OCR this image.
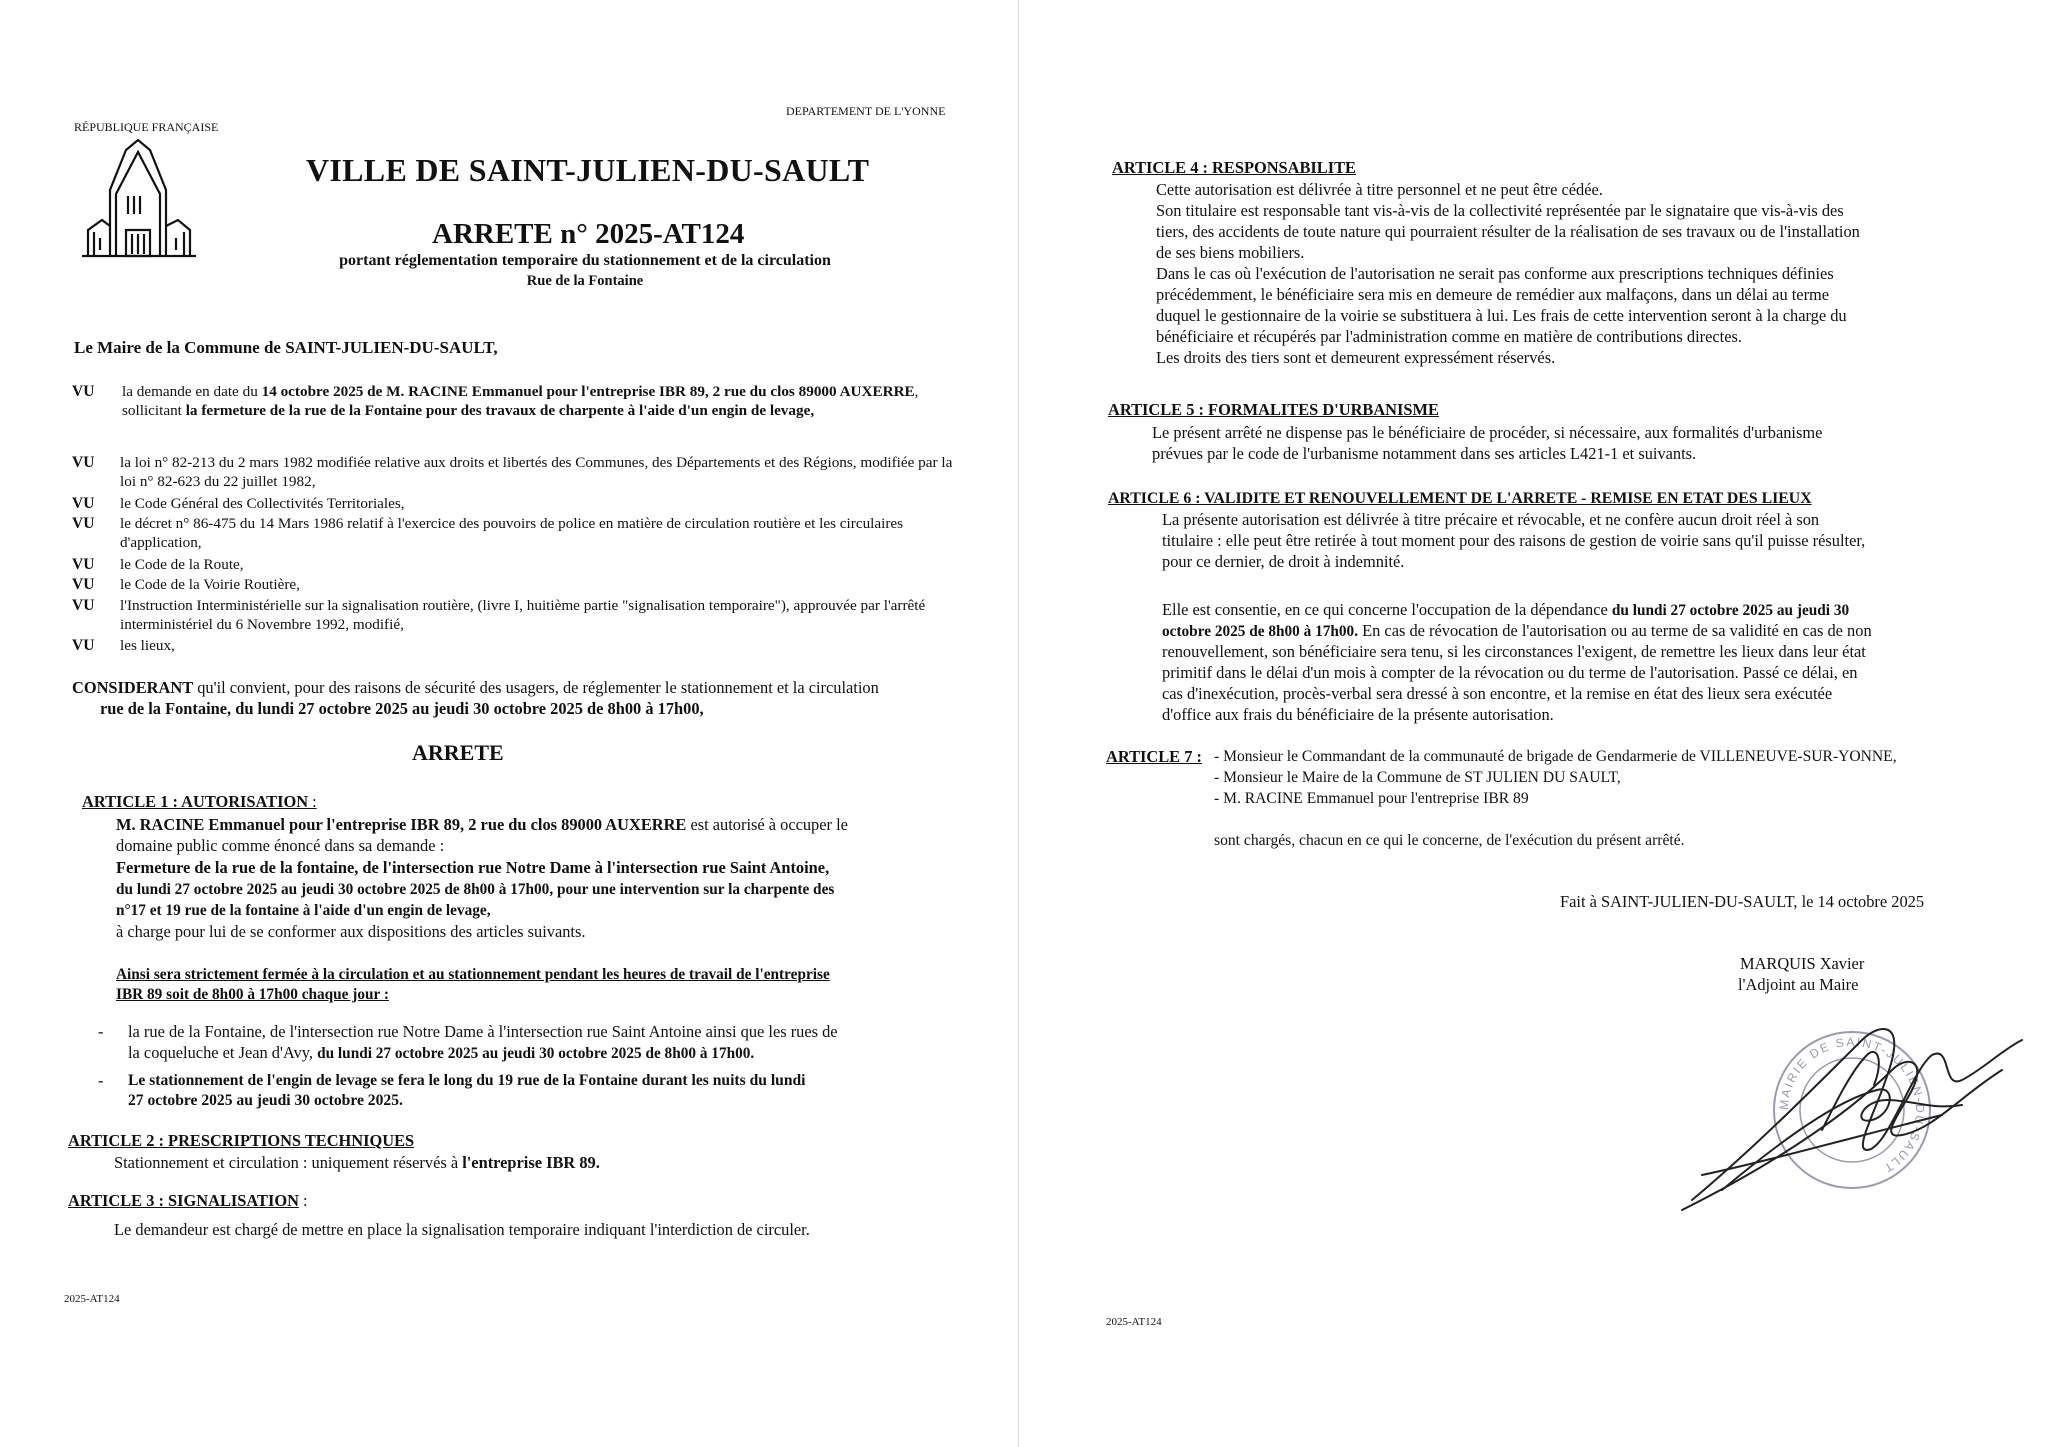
RÉPUBLIQUE FRANÇAISE
DEPARTEMENT DE L'YONNE
VILLE DE SAINT-JULIEN-DU-SAULT
ARRETE n° 2025-AT124
portant réglementation temporaire du stationnement et de la circulation
Rue de la Fontaine
Le Maire de la Commune de SAINT-JULIEN-DU-SAULT,
VU la demande en date du 14 octobre 2025 de M. RACINE Emmanuel pour l'entreprise IBR 89, 2 rue du clos 89000 AUXERRE, sollicitant la fermeture de la rue de la Fontaine pour des travaux de charpente à l'aide d'un engin de levage,
VU la loi n° 82-213 du 2 mars 1982 modifiée relative aux droits et libertés des Communes, des Départements et des Régions, modifiée par la loi n° 82-623 du 22 juillet 1982,
VU le Code Général des Collectivités Territoriales,
VU le décret n° 86-475 du 14 Mars 1986 relatif à l'exercice des pouvoirs de police en matière de circulation routière et les circulaires d'application,
VU le Code de la Route,
VU le Code de la Voirie Routière,
VU l'Instruction Interministérielle sur la signalisation routière, (livre I, huitième partie "signalisation temporaire"), approuvée par l'arrêté interministériel du 6 Novembre 1992, modifié,
VU les lieux,
CONSIDERANT qu'il convient, pour des raisons de sécurité des usagers, de réglementer le stationnement et la circulation
rue de la Fontaine, du lundi 27 octobre 2025 au jeudi 30 octobre 2025 de 8h00 à 17h00,
ARRETE
ARTICLE 1 : AUTORISATION :
M. RACINE Emmanuel pour l'entreprise IBR 89, 2 rue du clos 89000 AUXERRE est autorisé à occuper le
domaine public comme énoncé dans sa demande :
Fermeture de la rue de la fontaine, de l'intersection rue Notre Dame à l'intersection rue Saint Antoine,
du lundi 27 octobre 2025 au jeudi 30 octobre 2025 de 8h00 à 17h00, pour une intervention sur la charpente des
n°17 et 19 rue de la fontaine à l'aide d'un engin de levage,
à charge pour lui de se conformer aux dispositions des articles suivants.
Ainsi sera strictement fermée à la circulation et au stationnement pendant les heures de travail de l'entreprise
IBR 89 soit de 8h00 à 17h00 chaque jour :
- la rue de la Fontaine, de l'intersection rue Notre Dame à l'intersection rue Saint Antoine ainsi que les rues de
la coqueluche et Jean d'Avy, du lundi 27 octobre 2025 au jeudi 30 octobre 2025 de 8h00 à 17h00.
- Le stationnement de l'engin de levage se fera le long du 19 rue de la Fontaine durant les nuits du lundi
27 octobre 2025 au jeudi 30 octobre 2025.
ARTICLE 2 : PRESCRIPTIONS TECHNIQUES
Stationnement et circulation : uniquement réservés à l'entreprise IBR 89.
ARTICLE 3 : SIGNALISATION :
Le demandeur est chargé de mettre en place la signalisation temporaire indiquant l'interdiction de circuler.
2025-AT124
ARTICLE 4 : RESPONSABILITE
Cette autorisation est délivrée à titre personnel et ne peut être cédée.
Son titulaire est responsable tant vis-à-vis de la collectivité représentée par le signataire que vis-à-vis des
tiers, des accidents de toute nature qui pourraient résulter de la réalisation de ses travaux ou de l'installation
de ses biens mobiliers.
Dans le cas où l'exécution de l'autorisation ne serait pas conforme aux prescriptions techniques définies
précédemment, le bénéficiaire sera mis en demeure de remédier aux malfaçons, dans un délai au terme
duquel le gestionnaire de la voirie se substituera à lui. Les frais de cette intervention seront à la charge du
bénéficiaire et récupérés par l'administration comme en matière de contributions directes.
Les droits des tiers sont et demeurent expressément réservés.
ARTICLE 5 : FORMALITES D'URBANISME
Le présent arrêté ne dispense pas le bénéficiaire de procéder, si nécessaire, aux formalités d'urbanisme
prévues par le code de l'urbanisme notamment dans ses articles L421-1 et suivants.
ARTICLE 6 : VALIDITE ET RENOUVELLEMENT DE L'ARRETE - REMISE EN ETAT DES LIEUX
La présente autorisation est délivrée à titre précaire et révocable, et ne confère aucun droit réel à son
titulaire : elle peut être retirée à tout moment pour des raisons de gestion de voirie sans qu'il puisse résulter,
pour ce dernier, de droit à indemnité.
Elle est consentie, en ce qui concerne l'occupation de la dépendance du lundi 27 octobre 2025 au jeudi 30
octobre 2025 de 8h00 à 17h00. En cas de révocation de l'autorisation ou au terme de sa validité en cas de non
renouvellement, son bénéficiaire sera tenu, si les circonstances l'exigent, de remettre les lieux dans leur état
primitif dans le délai d'un mois à compter de la révocation ou du terme de l'autorisation. Passé ce délai, en
cas d'inexécution, procès-verbal sera dressé à son encontre, et la remise en état des lieux sera exécutée
d'office aux frais du bénéficiaire de la présente autorisation.
ARTICLE 7 : - Monsieur le Commandant de la communauté de brigade de Gendarmerie de VILLENEUVE-SUR-YONNE,
- Monsieur le Maire de la Commune de ST JULIEN DU SAULT,
- M. RACINE Emmanuel pour l'entreprise IBR 89
sont chargés, chacun en ce qui le concerne, de l'exécution du présent arrêté.
Fait à SAINT-JULIEN-DU-SAULT, le 14 octobre 2025
MARQUIS Xavier
l'Adjoint au Maire
MAIRIE DE SAINT-JULIEN-DU-SAULT
2025-AT124
